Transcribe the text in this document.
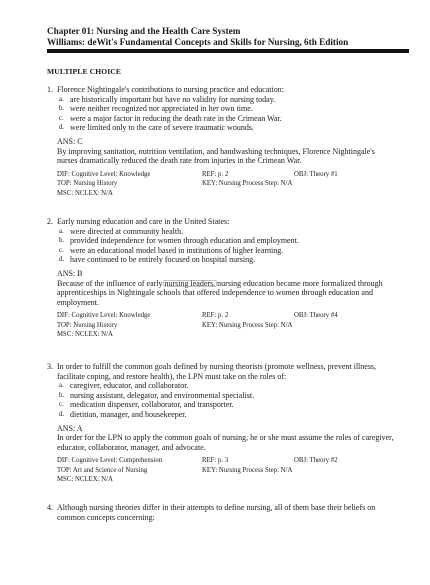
Chapter 01: Nursing and the Health Care System
Williams: deWit's Fundamental Concepts and Skills for Nursing, 6th Edition
MULTIPLE CHOICE
1. Florence Nightingale's contributions to nursing practice and education:
a. are historically important but have no validity for nursing today.
b. were neither recognized nor appreciated in her own time.
c. were a major factor in reducing the death rate in the Crimean War.
d. were limited only to the care of severe traumatic wounds.
ANS: C
By improving sanitation, nutrition ventilation, and handwashing techniques, Florence Nightingale's nurses dramatically reduced the death rate from injuries in the Crimean War.
DIF: Cognitive Level: Knowledge	REF: p. 2	OBJ: Theory #1
TOP: Nursing History	KEY: Nursing Process Step: N/A
MSC: NCLEX: N/A
2. Early nursing education and care in the United States:
a. were directed at community health.
b. provided independence for women through education and employment.
c. were an educational model based in institutions of higher learning.
d. have continued to be entirely focused on hospital nursing.
ANS: B
Because of the influence of early nursing leaders, nursing education became more formalized through apprenticeships in Nightingale schools that offered independence to women through education and employment.
DIF: Cognitive Level: Knowledge	REF: p. 2	OBJ: Theory #4
TOP: Nursing History	KEY: Nursing Process Step: N/A
MSC: NCLEX: N/A
3. In order to fulfill the common goals defined by nursing theorists (promote wellness, prevent illness, facilitate coping, and restore health), the LPN must take on the roles of:
a. caregiver, educator, and collaborator.
b. nursing assistant, delegator, and environmental specialist.
c. medication dispenser, collaborator, and transporter.
d. dietitian, manager, and housekeeper.
ANS: A
In order for the LPN to apply the common goals of nursing, he or she must assume the roles of caregiver, educator, collaborator, manager, and advocate.
DIF: Cognitive Level: Comprehension	REF: p. 3	OBJ: Theory #2
TOP: Art and Science of Nursing	KEY: Nursing Process Step: N/A
MSC: NCLEX: N/A
4. Although nursing theories differ in their attempts to define nursing, all of them base their beliefs on common concepts concerning:
